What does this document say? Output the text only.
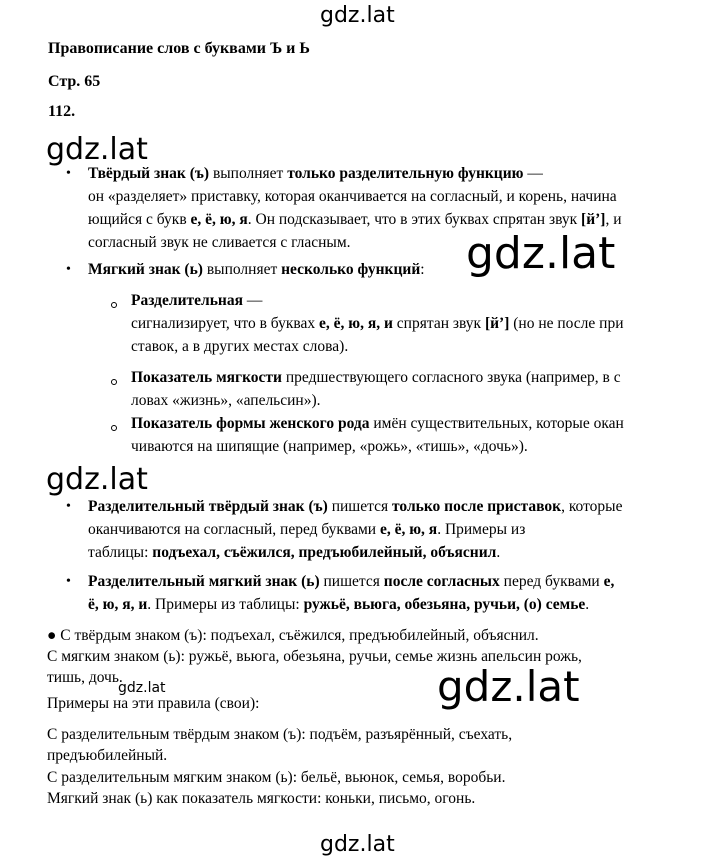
gdz.lat
gdz.lat
gdz.lat
gdz.lat
gdz.lat	gdz.lat
gdz.lat
Правописание слов с буквами Ъ и Ь
Стр. 65
112.
• Твёрдый знак (ъ) выполняет только разделительную функцию —
он «разделяет» приставку, которая оканчивается на согласный, и корень, начина
ющийся с букв е, ё, ю, я. Он подсказывает, что в этих буквах спрятан звук [й’], и
согласный звук не сливается с гласным.
• Мягкий знак (ь) выполняет несколько функций:
Разделительная —
сигнализирует, что в буквах е, ё, ю, я, и спрятан звук [й’] (но не после при
ставок, а в других местах слова).
Показатель мягкости предшествующего согласного звука (например, в с
ловах «жизнь», «апельсин»).
Показатель формы женского рода имён существительных, которые окан
чиваются на шипящие (например, «рожь», «тишь», «дочь»).
• Разделительный твёрдый знак (ъ) пишется только после приставок, которые
оканчиваются на согласный, перед буквами е, ё, ю, я. Примеры из
таблицы: подъехал, съёжился, предъюбилейный, объяснил.
• Разделительный мягкий знак (ь) пишется после согласных перед буквами е,
ё, ю, я, и. Примеры из таблицы: ружьё, вьюга, обезьяна, ручьи, (о) семье.
● С твёрдым знаком (ъ): подъехал, съёжился, предъюбилейный, объяснил.
С мягким знаком (ь): ружьё, вьюга, обезьяна, ручьи, семье жизнь апельсин рожь,
тишь, дочь.
Примеры на эти правила (свои):
С разделительным твёрдым знаком (ъ): подъём, разъярённый, съехать,
предъюбилейный.
С разделительным мягким знаком (ь): бельё, вьюнок, семья, воробьи.
Мягкий знак (ь) как показатель мягкости: коньки, письмо, огонь.
